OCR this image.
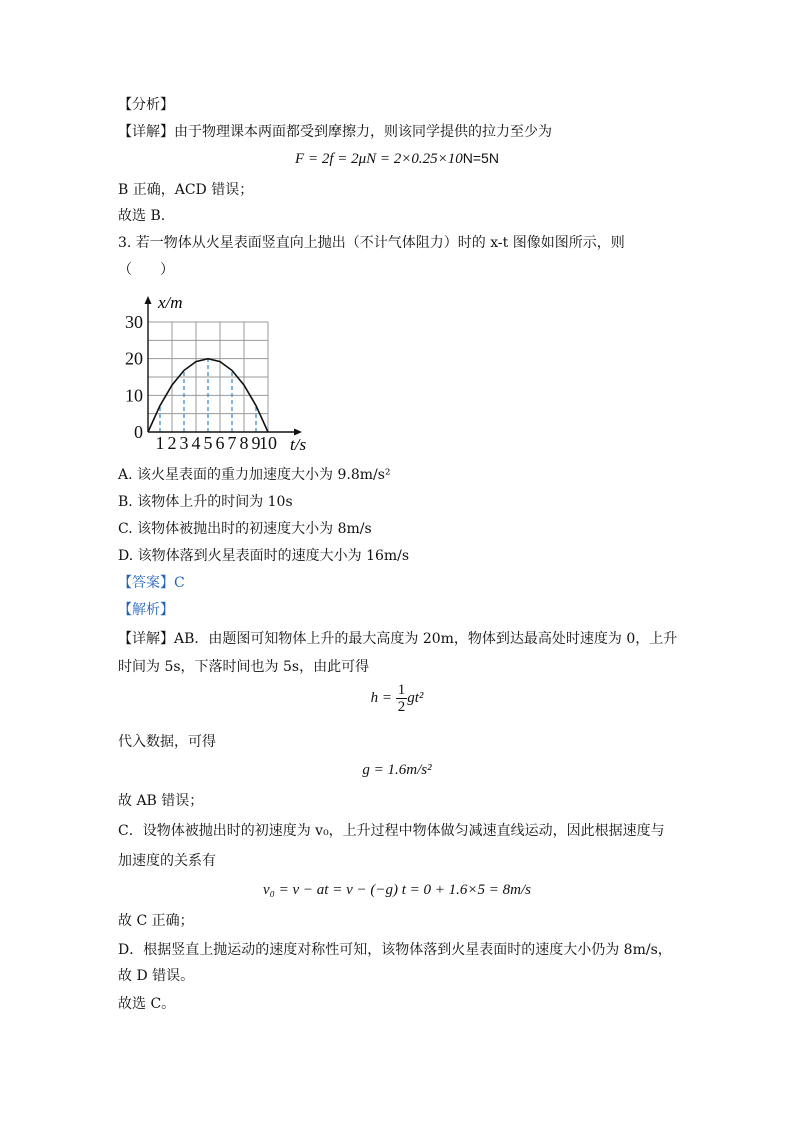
【分析】
【详解】由于物理课本两面都受到摩擦力，则该同学提供的拉力至少为
F = 2f = 2μN = 2×0.25×10N=5N
B 正确，ACD 错误；
故选 B.
3. 若一物体从火星表面竖直向上抛出（不计气体阻力）时的 x-t 图像如图所示，则
（　　）
x/m
t/s
0
10
20
30
1 2 3 4 5 6 7 8 9
10
A. 该火星表面的重力加速度大小为 9.8m/s²
B. 该物体上升的时间为 10s
C. 该物体被抛出时的初速度大小为 8m/s
D. 该物体落到火星表面时的速度大小为 16m/s
【答案】C
【解析】
【详解】AB．由题图可知物体上升的最大高度为 20m，物体到达最高处时速度为 0，上升
时间为 5s，下落时间也为 5s，由此可得
$h = \frac{1}{2} gt^2$
代入数据，可得
g = 1.6m/s²
故 AB 错误；
C．设物体被抛出时的初速度为 v₀，上升过程中物体做匀减速直线运动，因此根据速度与
加速度的关系有
v₀ = v − at = v − (−g) t = 0 + 1.6×5 = 8m/s
故 C 正确；
D．根据竖直上抛运动的速度对称性可知，该物体落到火星表面时的速度大小仍为 8m/s，
故 D 错误。
故选 C。
